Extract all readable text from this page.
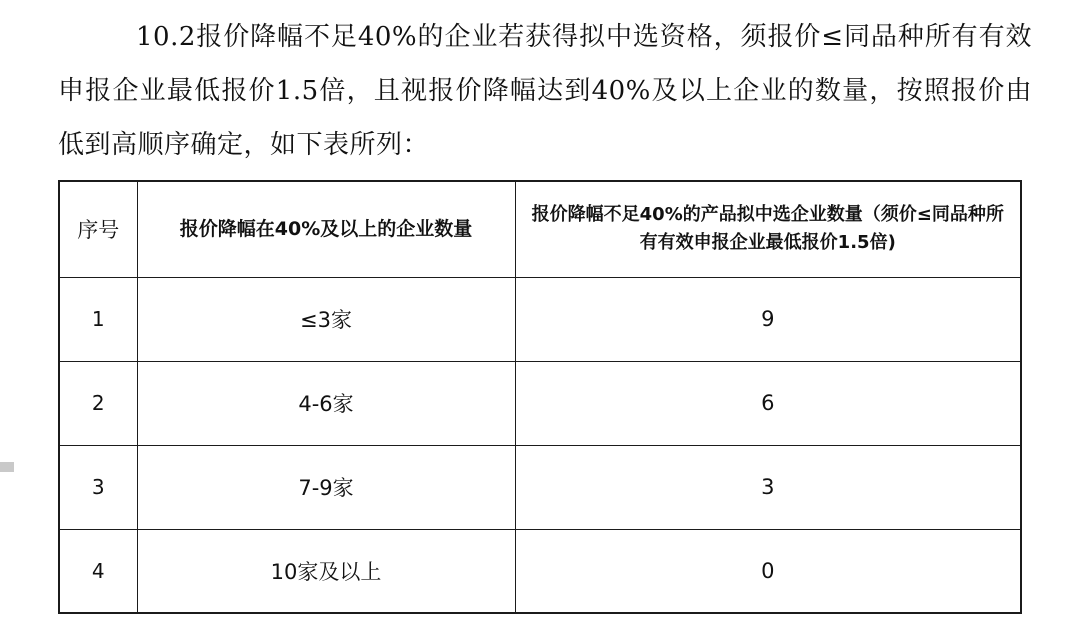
10.2报价降幅不足40%的企业若获得拟中选资格，须报价≤同品种所有有效申报企业最低报价1.5倍，且视报价降幅达到40%及以上企业的数量，按照报价由低到高顺序确定，如下表所列：

序号	报价降幅在40%及以上的企业数量	报价降幅不足40%的产品拟中选企业数量（须价≤同品种所有有效申报企业最低报价1.5倍)
1	≤3家	9
2	4-6家	6
3	7-9家	3
4	10家及以上	0
